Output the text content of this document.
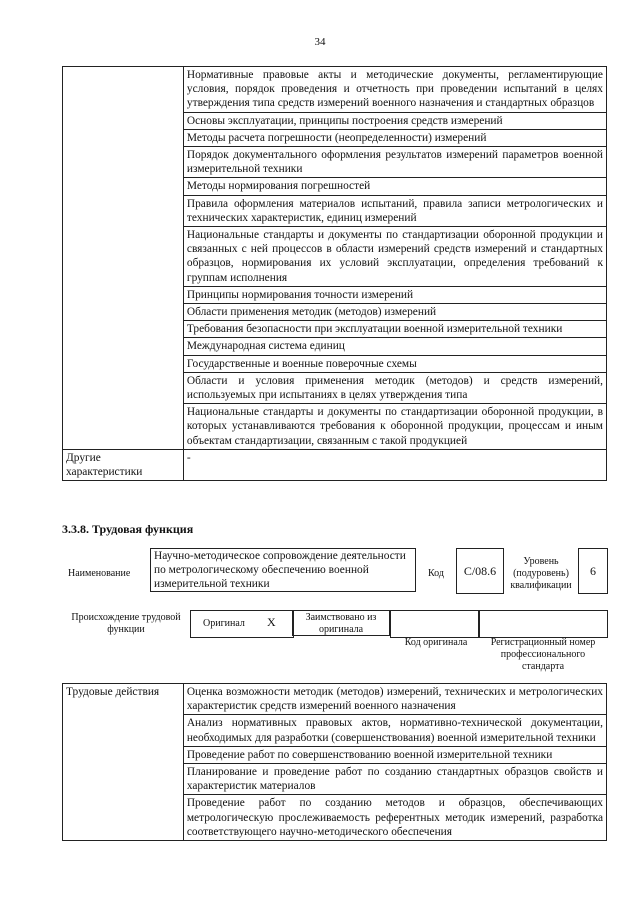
34
	Нормативные правовые акты и методические документы, регламентирующие условия, порядок проведения и отчетность при проведении испытаний в целях утверждения типа средств измерений военного назначения и стандартных образцов
	Основы эксплуатации, принципы построения средств измерений
	Методы расчета погрешности (неопределенности) измерений
	Порядок документального оформления результатов измерений параметров военной измерительной техники
	Методы нормирования погрешностей
	Правила оформления материалов испытаний, правила записи метрологических и технических характеристик, единиц измерений
	Национальные стандарты и документы по стандартизации оборонной продукции и связанных с ней процессов в области измерений средств измерений и стандартных образцов, нормирования их условий эксплуатации, определения требований к группам исполнения
	Принципы нормирования точности измерений
	Области применения методик (методов) измерений
	Требования безопасности при эксплуатации военной измерительной техники
	Международная система единиц
	Государственные и военные поверочные схемы
	Области и условия применения методик (методов) и средств измерений, используемых при испытаниях в целях утверждения типа
	Национальные стандарты и документы по стандартизации оборонной продукции, в которых устанавливаются требования к оборонной продукции, процессам и иным объектам стандартизации, связанным с такой продукцией
Другие характеристики	-
3.3.8. Трудовая функция
Наименование
Научно-методическое сопровождение деятельности по метрологическому обеспечению военной измерительной техники
Код	C/08.6
Уровень (подуровень) квалификации
6
Происхождение трудовой функции
Оригинал X	Заимствовано из оригинала
Код оригинала	Регистрационный номер профессионального стандарта
Трудовые действия	Оценка возможности методик (методов) измерений, технических и метрологических характеристик средств измерений военного назначения
Анализ нормативных правовых актов, нормативно-технической документации, необходимых для разработки (совершенствования) военной измерительной техники
Проведение работ по совершенствованию военной измерительной техники
Планирование и проведение работ по созданию стандартных образцов свойств и характеристик материалов
Проведение работ по созданию методов и образцов, обеспечивающих метрологическую прослеживаемость референтных методик измерений, разработка соответствующего научно-методического обеспечения
